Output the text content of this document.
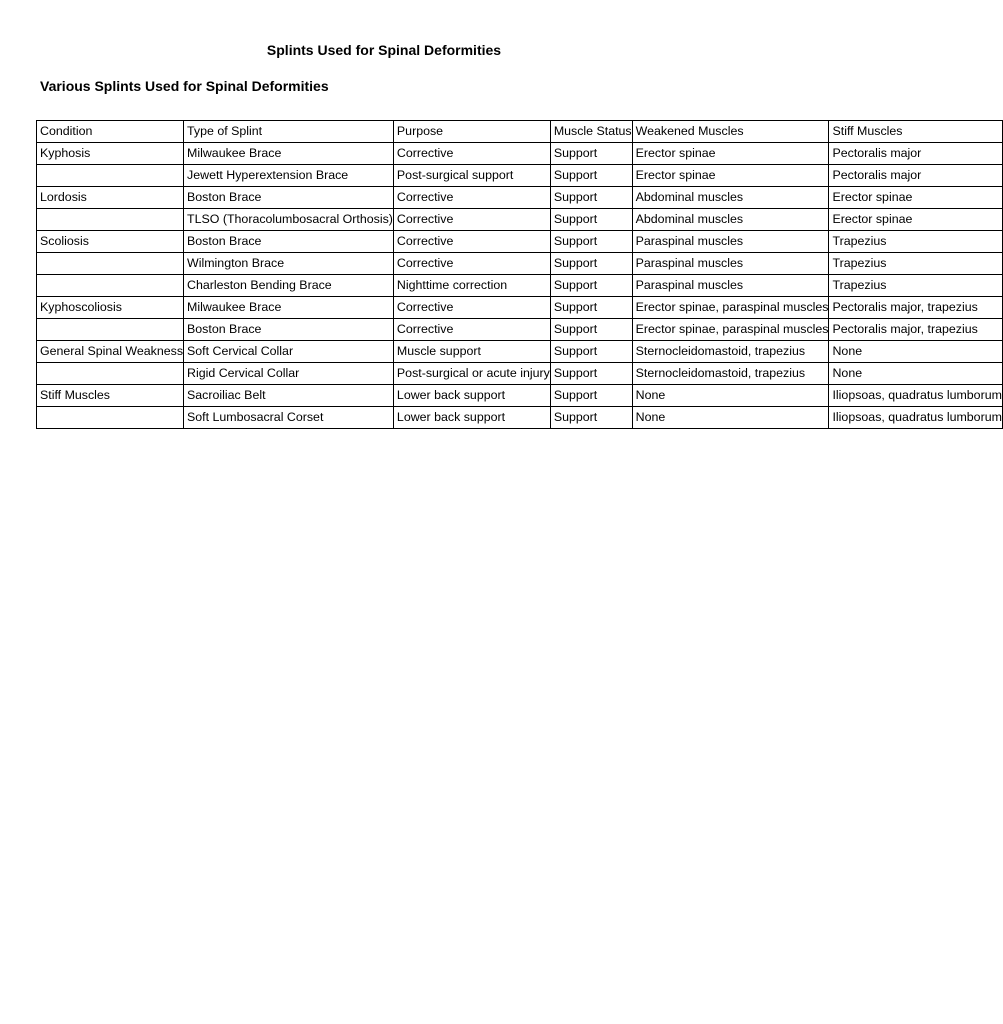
Splints Used for Spinal Deformities
Various Splints Used for Spinal Deformities
Condition	Type of Splint	Purpose	Muscle Status	Weakened Muscles	Stiff Muscles
Kyphosis	Milwaukee Brace	Corrective	Support	Erector spinae	Pectoralis major
	Jewett Hyperextension Brace	Post-surgical support	Support	Erector spinae	Pectoralis major
Lordosis	Boston Brace	Corrective	Support	Abdominal muscles	Erector spinae
	TLSO (Thoracolumbosacral Orthosis)	Corrective	Support	Abdominal muscles	Erector spinae
Scoliosis	Boston Brace	Corrective	Support	Paraspinal muscles	Trapezius
	Wilmington Brace	Corrective	Support	Paraspinal muscles	Trapezius
	Charleston Bending Brace	Nighttime correction	Support	Paraspinal muscles	Trapezius
Kyphoscoliosis	Milwaukee Brace	Corrective	Support	Erector spinae, paraspinal muscles	Pectoralis major, trapezius
	Boston Brace	Corrective	Support	Erector spinae, paraspinal muscles	Pectoralis major, trapezius
General Spinal Weakness	Soft Cervical Collar	Muscle support	Support	Sternocleidomastoid, trapezius	None
	Rigid Cervical Collar	Post-surgical or acute injury	Support	Sternocleidomastoid, trapezius	None
Stiff Muscles	Sacroiliac Belt	Lower back support	Support	None	Iliopsoas, quadratus lumborum
	Soft Lumbosacral Corset	Lower back support	Support	None	Iliopsoas, quadratus lumborum
